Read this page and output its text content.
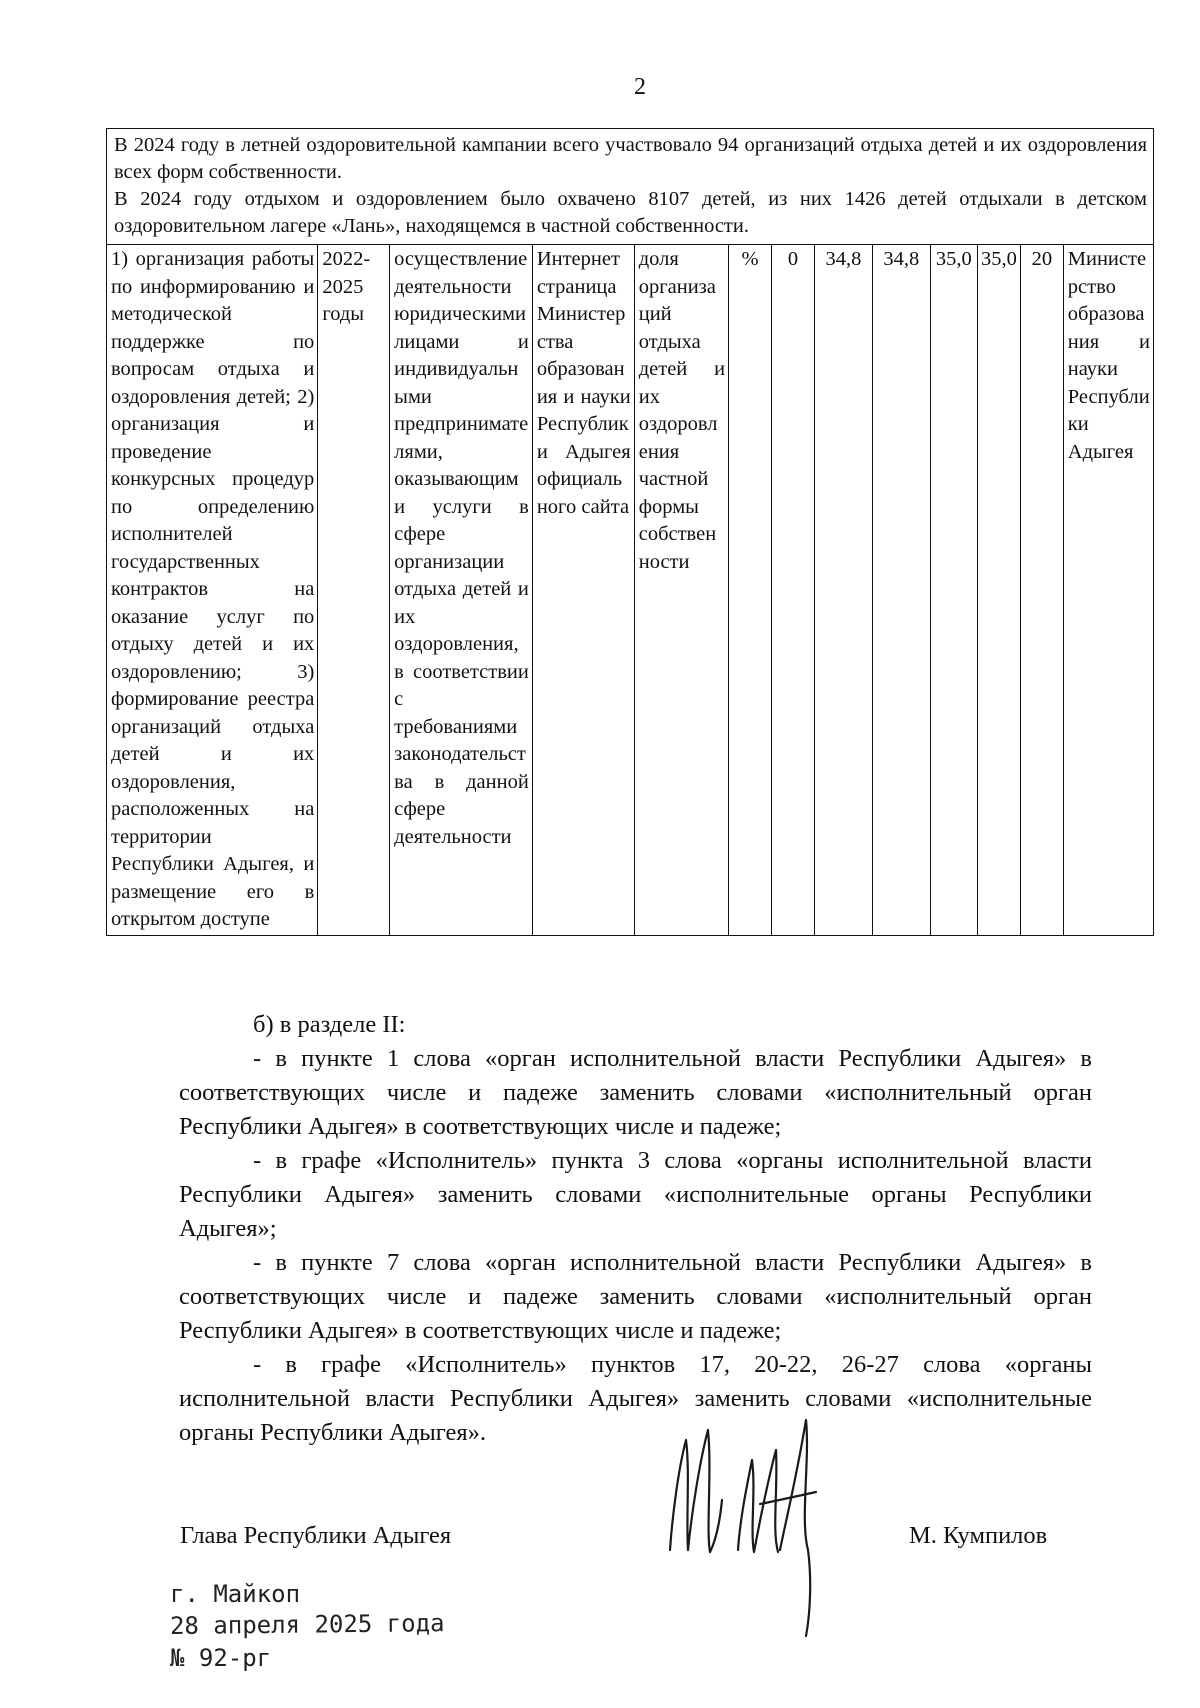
2

В 2024 году в летней оздоровительной кампании всего участвовало 94 организаций отдыха детей и их оздоровления всех форм собственности.

В 2024 году отдыхом и оздоровлением было охвачено 8107 детей, из них 1426 детей отдыхали в детском оздоровительном лагере «Лань», находящемся в частной собственности.

1) организация работы по информированию и методической поддержке по вопросам отдыха и оздоровления детей; 2) организация и проведение конкурсных процедур по определению исполнителей государственных контрактов на оказание услуг по отдыху детей и их оздоровлению; 3) формирование реестра организаций отдыха детей и их оздоровления, расположенных на территории Республики Адыгея, и размещение его в открытом доступе	2022-2025 годы	осуществление деятельности юридическими лицами и индивидуальными предпринимателями, оказывающими услуги в сфере организации отдыха детей и их оздоровления, в соответствии с требованиями законодательства в данной сфере деятельности	Интернет страница Министерства образования и науки Республики Адыгея официального сайта	доля организаций отдыха детей и их оздоровления частной формы собственности	%	0	34,8	34,8	35,0	35,0	20	Министерство образования и науки Республики Адыгея

б) в разделе II:

- в пункте 1 слова «орган исполнительной власти Республики Адыгея» в соответствующих числе и падеже заменить словами «исполнительный орган Республики Адыгея» в соответствующих числе и падеже;

- в графе «Исполнитель» пункта 3 слова «органы исполнительной власти Республики Адыгея» заменить словами «исполнительные органы Республики Адыгея»;

- в пункте 7 слова «орган исполнительной власти Республики Адыгея» в соответствующих числе и падеже заменить словами «исполнительный орган Республики Адыгея» в соответствующих числе и падеже;

- в графе «Исполнитель» пунктов 17, 20-22, 26-27 слова «органы исполнительной власти Республики Адыгея» заменить словами «исполнительные органы Республики Адыгея».

Глава Республики Адыгея	М. Кумпилов
г. Майкоп
28 апреля 2025 года
№ 92-рг
